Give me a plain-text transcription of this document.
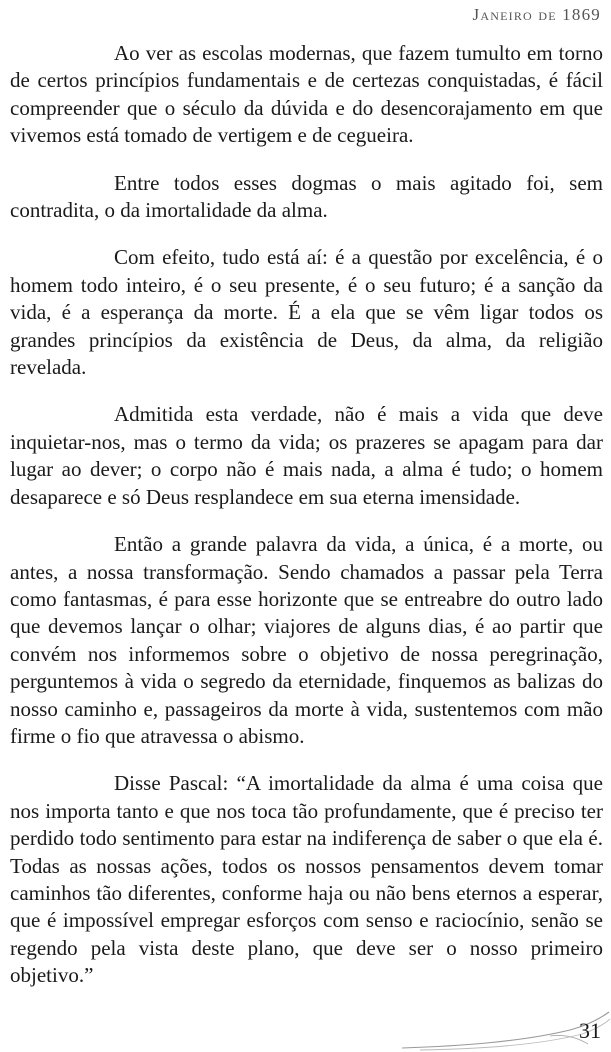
Janeiro de 1869

Ao ver as escolas modernas, que fazem tumulto em torno de certos princípios fundamentais e de certezas conquistadas, é fácil compreender que o século da dúvida e do desencorajamento em que vivemos está tomado de vertigem e de cegueira.

Entre todos esses dogmas o mais agitado foi, sem contradita, o da imortalidade da alma.

Com efeito, tudo está aí: é a questão por excelência, é o homem todo inteiro, é o seu presente, é o seu futuro; é a sanção da vida, é a esperança da morte. É a ela que se vêm ligar todos os grandes princípios da existência de Deus, da alma, da religião revelada.

Admitida esta verdade, não é mais a vida que deve inquietar-nos, mas o termo da vida; os prazeres se apagam para dar lugar ao dever; o corpo não é mais nada, a alma é tudo; o homem desaparece e só Deus resplandece em sua eterna imensidade.

Então a grande palavra da vida, a única, é a morte, ou antes, a nossa transformação. Sendo chamados a passar pela Terra como fantasmas, é para esse horizonte que se entreabre do outro lado que devemos lançar o olhar; viajores de alguns dias, é ao partir que convém nos informemos sobre o objetivo de nossa peregrinação, perguntemos à vida o segredo da eternidade, finquemos as balizas do nosso caminho e, passageiros da morte à vida, sustentemos com mão firme o fio que atravessa o abismo.

Disse Pascal: “A imortalidade da alma é uma coisa que nos importa tanto e que nos toca tão profundamente, que é preciso ter perdido todo sentimento para estar na indiferença de saber o que ela é. Todas as nossas ações, todos os nossos pensamentos devem tomar caminhos tão diferentes, conforme haja ou não bens eternos a esperar, que é impossível empregar esforços com senso e raciocínio, senão se regendo pela vista deste plano, que deve ser o nosso primeiro objetivo.”

31
